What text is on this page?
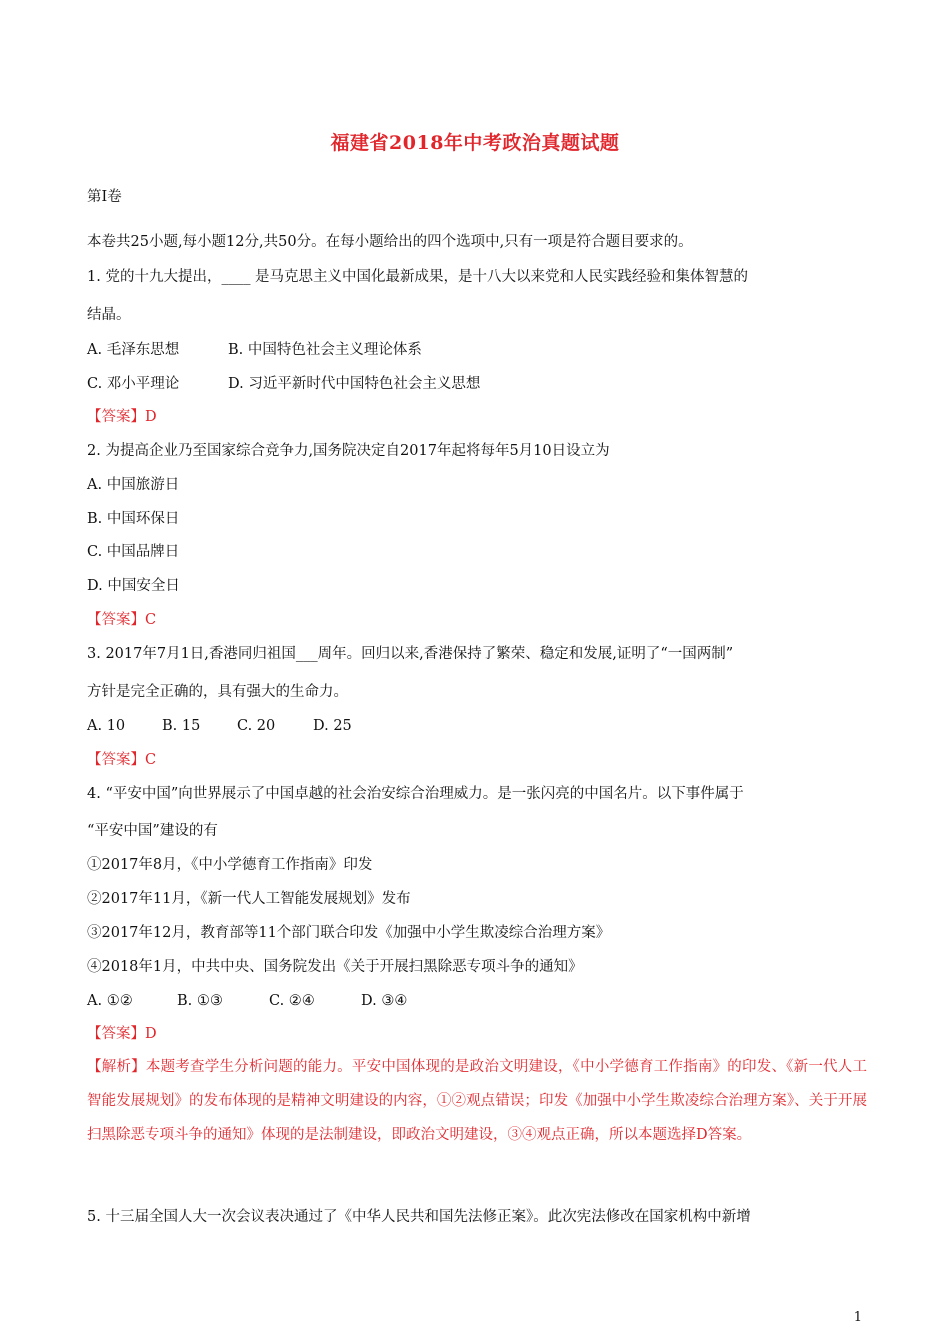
福建省2018年中考政治真题试题
第I卷
本卷共25小题,每小题12分,共50分。在每小题给出的四个选项中,只有一项是符合题目要求的。
1. 党的十九大提出，____ 是马克思主义中国化最新成果，是十八大以来党和人民实践经验和集体智慧的
结晶。
A. 毛泽东思想	B. 中国特色社会主义理论体系
C. 邓小平理论	D. 习近平新时代中国特色社会主义思想
【答案】D
2. 为提高企业乃至国家综合竞争力,国务院决定自2017年起将每年5月10日设立为
A. 中国旅游日
B. 中国环保日
C. 中国品牌日
D. 中国安全日
【答案】C
3. 2017年7月1日,香港同归祖国___周年。回归以来,香港保持了繁荣、稳定和发展,证明了“一国两制”
方针是完全正确的，具有强大的生命力。
A. 10	B. 15	C. 20	D. 25
【答案】C
4. “平安中国”向世界展示了中国卓越的社会治安综合治理威力。是一张闪亮的中国名片。以下事件属于
“平安中国”建设的有
①2017年8月，《中小学德育工作指南》印发
②2017年11月，《新一代人工智能发展规划》发布
③2017年12月，教育部等11个部门联合印发《加强中小学生欺凌综合治理方案》
④2018年1月，中共中央、国务院发出《关于开展扫黑除恶专项斗争的通知》
A. ①②	B. ①③	C. ②④	D. ③④
【答案】D
【解析】本题考查学生分析问题的能力。平安中国体现的是政治文明建设，《中小学德育工作指南》的印发、《新一代人工智能发展规划》的发布体现的是精神文明建设的内容，①②观点错误；印发《加强中小学生欺凌综合治理方案》、关于开展扫黑除恶专项斗争的通知》体现的是法制建设，即政治文明建设，③④观点正确，所以本题选择D答案。
5. 十三届全国人大一次会议表决通过了《中华人民共和国先法修正案》。此次宪法修改在国家机构中新增
1
